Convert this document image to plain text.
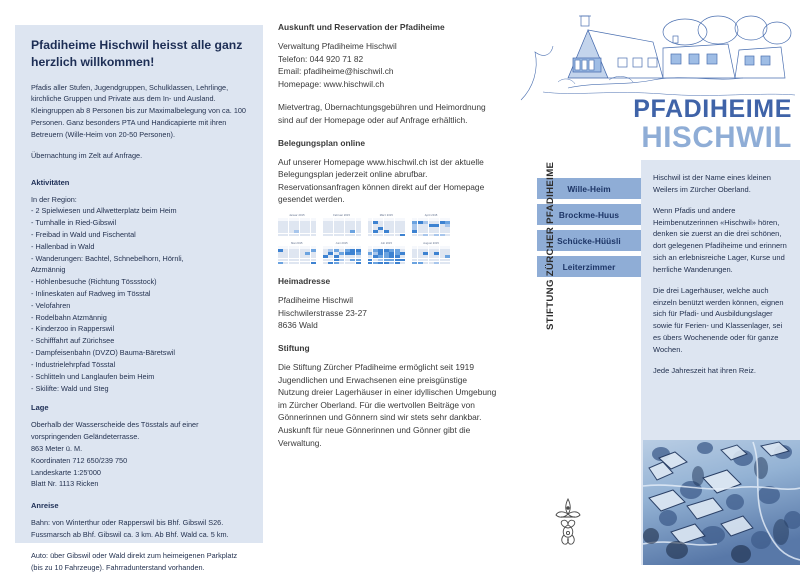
Pfadiheime Hischwil heisst alle ganz herzlich willkommen!
Pfadis aller Stufen, Jugendgruppen, Schulklassen, Lehrlinge, kirchliche Gruppen und Private aus dem In- und Ausland. Kleingruppen ab 8 Personen bis zur Maximalbelegung von ca. 100 Personen. Ganz besonders PTA und Handicapierte mit ihren Betreuern (Wille-Heim von 20-50 Personen).
Übernachtung im Zelt auf Anfrage.
Aktivitäten
In der Region:
- 2 Spielwiesen und Allwetterplatz beim Heim
- Turnhalle in Ried-Gibswil
- Freibad in Wald und Fischental
- Hallenbad in Wald
- Wanderungen: Bachtel, Schnebelhorn, Hörnli,
Atzmännig
- Höhlenbesuche (Richtung Tössstock)
- Inlineskaten auf Radweg im Tösstal
- Velofahren
- Rodelbahn Atzmännig
- Kinderzoo in Rapperswil
- Schifffahrt auf Zürichsee
- Dampfeisenbahn (DVZO) Bauma-Bäretswil
- Industrielehrpfad Tösstal
- Schlitteln und Langlaufen beim Heim
- Skilifte: Wald und Steg
Lage
Oberhalb der Wasserscheide des Tösstals auf einer
vorspringenden Geländeterrasse.
863 Meter ü. M.
Koordinaten 712 650/239 750
Landeskarte 1:25'000
Blatt Nr. 1113 Ricken
Anreise
Bahn: von Winterthur oder Rapperswil bis Bhf. Gibswil S26. Fussmarsch ab Bhf. Gibswil ca. 3 km. Ab Bhf. Wald ca. 5 km.
Auto: über Gibswil oder Wald direkt zum heimeigenen Parkplatz (bis zu 10 Fahrzeuge). Fahrradunterstand vorhanden.
Auskunft und Reservation der Pfadiheime
Verwaltung Pfadiheime Hischwil
Telefon: 044 920 71 82
Email: pfadiheime@hischwil.ch
Homepage: www.hischwil.ch
Mietvertrag, Übernachtungsgebühren und Heimordnung sind auf der Homepage oder auf Anfrage erhältlich.
Belegungsplan online
Auf unserer Homepage www.hischwil.ch ist der aktuelle Belegungsplan jederzeit online abrufbar. Reservationsanfragen können direkt auf der Homepage gesendet werden.
Januar 2015	Februar 2015	März 2015	April 2015
Mai 2015	Juni 2015	Juli 2015	August 2015
Heimadresse
Pfadiheime Hischwil
Hischwilerstrasse 23-27
8636 Wald
Stiftung
Die Stiftung Zürcher Pfadiheime ermöglicht seit 1919 Jugendlichen und Erwachsenen eine preisgünstige Nutzung dreier Lagerhäuser in einer idyllischen Umgebung im Zürcher Oberland. Für die wertvollen Beiträge von Gönnerinnen und Gönnern sind wir stets sehr dankbar. Auskunft für neue Gönnerinnen und Gönner gibt die Verwaltung.
PFADIHEIME
HISCHWIL
Wille-Heim
Brockme-Huus
Schücke-Hüüsli
Leiterzimmer
STIFTUNG ZÜRCHER PFADIHEIME	Hischwil ist der Name eines kleinen Weilers im Zürcher Oberland.

Wenn Pfadis und andere Heimbenutzerinnen «Hischwil» hören, denken sie zuerst an die drei schönen, dort gelegenen Pfadiheime und erinnern sich an erlebnisreiche Lager, Kurse und herrliche Wanderungen.

Die drei Lagerhäuser, welche auch einzeln benützt werden können, eignen sich für Pfadi- und Ausbildungslager sowie für Ferien- und Klassenlager, sei es übers Wochenende oder für ganze Wochen.

Jede Jahreszeit hat ihren Reiz.
